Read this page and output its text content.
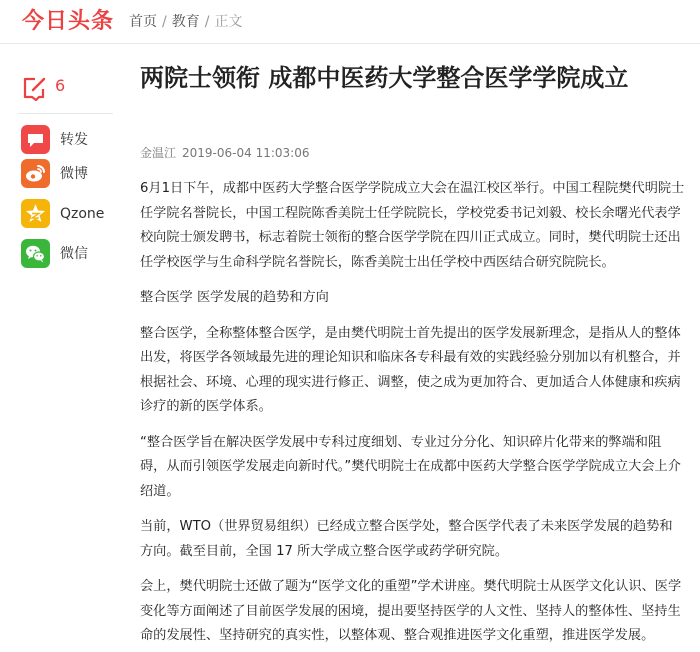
今日头条 首页 / 教育 / 正文
6
转发
微博
Qzone
微信
两院士领衔 成都中医药大学整合医学学院成立
金温江 2019-06-04 11:03:06

6月1日下午，成都中医药大学整合医学学院成立大会在温江校区举行。中国工程院樊代明院士任学院名誉院长，中国工程院陈香美院士任学院院长，学校党委书记刘毅、校长余曙光代表学校向院士颁发聘书，标志着院士领衔的整合医学学院在四川正式成立。同时，樊代明院士还出任学校医学与生命科学院名誉院长，陈香美院士出任学校中西医结合研究院院长。

整合医学 医学发展的趋势和方向

整合医学，全称整体整合医学，是由樊代明院士首先提出的医学发展新理念，是指从人的整体出发，将医学各领域最先进的理论知识和临床各专科最有效的实践经验分别加以有机整合，并根据社会、环境、心理的现实进行修正、调整，使之成为更加符合、更加适合人体健康和疾病诊疗的新的医学体系。

“整合医学旨在解决医学发展中专科过度细划、专业过分分化、知识碎片化带来的弊端和阻碍，从而引领医学发展走向新时代。”樊代明院士在成都中医药大学整合医学学院成立大会上介绍道。

当前，WTO（世界贸易组织）已经成立整合医学处，整合医学代表了未来医学发展的趋势和方向。截至目前，全国 17 所大学成立整合医学或药学研究院。

会上，樊代明院士还做了题为“医学文化的重塑”学术讲座。樊代明院士从医学文化认识、医学变化等方面阐述了目前医学发展的困境，提出要坚持医学的人文性、坚持人的整体性、坚持生命的发展性、坚持研究的真实性，以整体观、整合观推进医学文化重塑，推进医学发展。
